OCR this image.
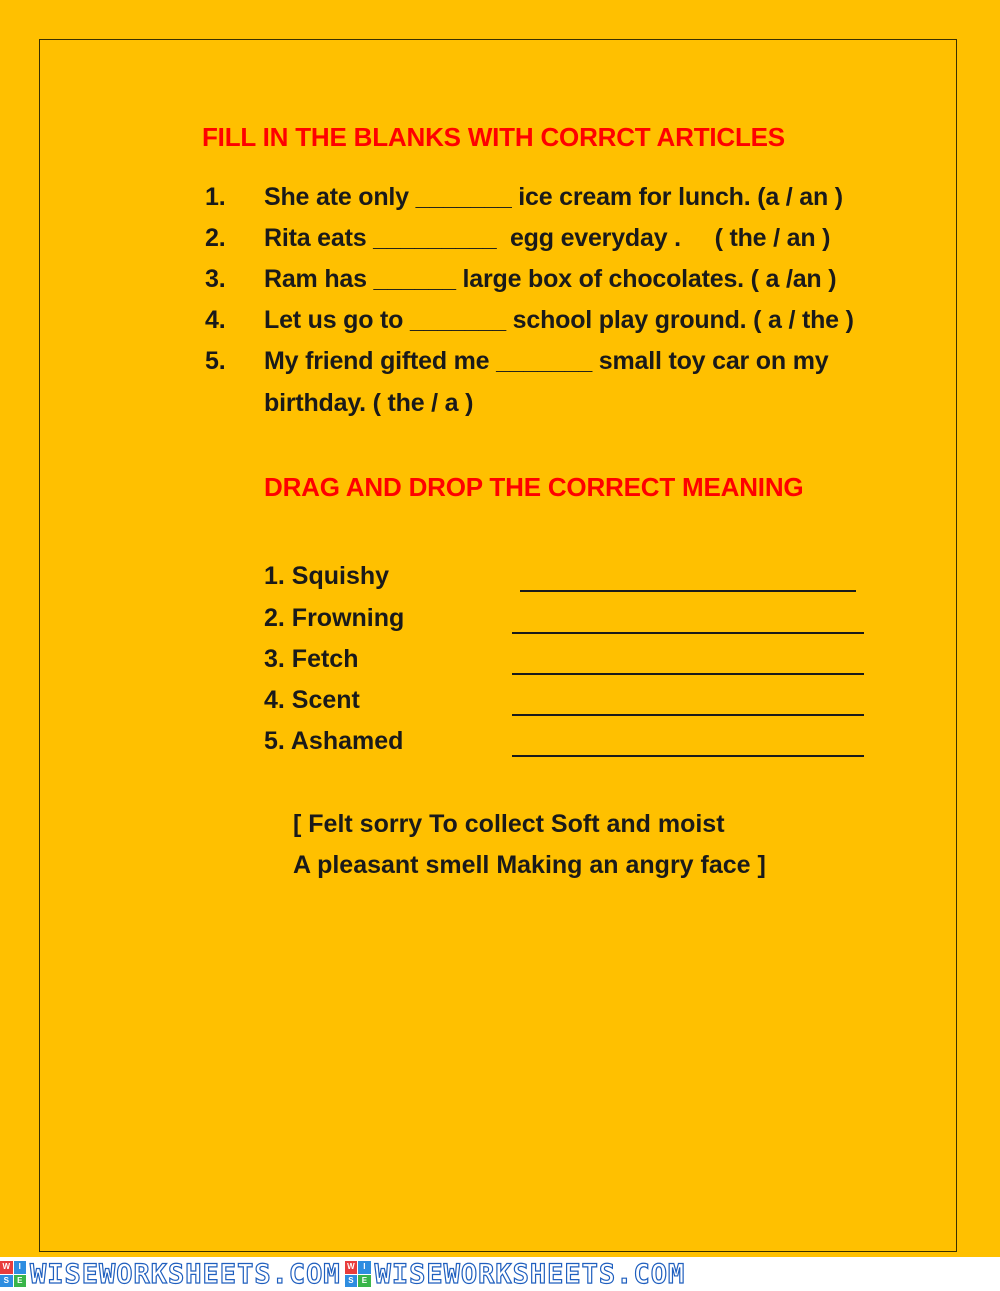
FILL IN THE BLANKS WITH CORRCT ARTICLES
1. She ate only _______ ice cream for lunch. (a / an )
2. Rita eats _________  egg everyday .     ( the / an )
3. Ram has ______ large box of chocolates. ( a /an )
4. Let us go to _______ school play ground. ( a / the )
5. My friend gifted me _______ small toy car on my
birthday. ( the / a )
DRAG AND DROP THE CORRECT MEANING
1. Squishy
2. Frowning
3. Fetch
4. Scent
5. Ashamed
[ Felt sorry To collect Soft and moist
A pleasant smell Making an angry face ]
W	I
S	E WISEWORKSHEETS.COM W	I
S	E WISEWORKSHEETS.COM
